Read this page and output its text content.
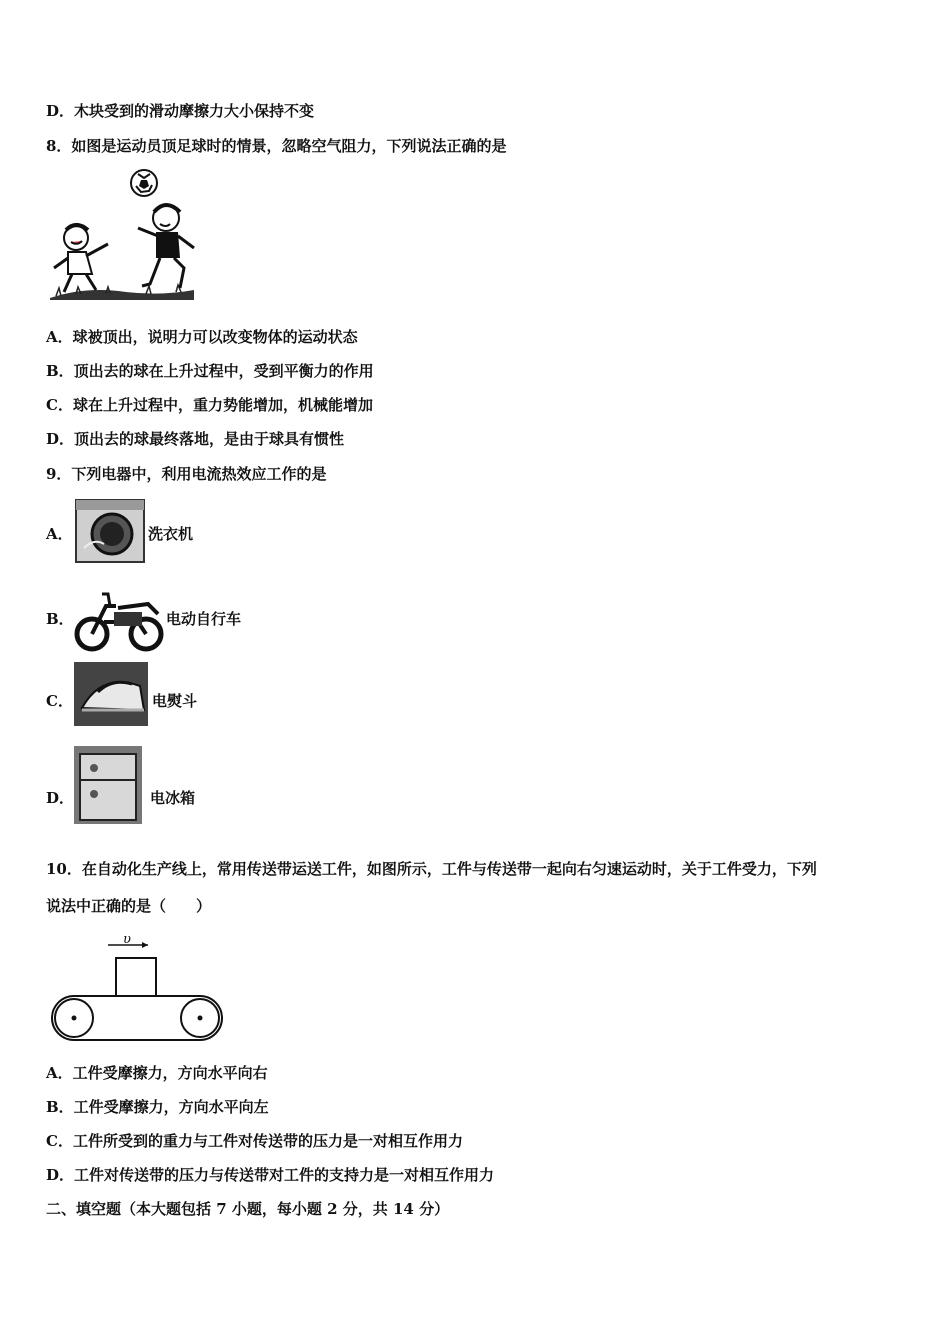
D．木块受到的滑动摩擦力大小保持不变
8．如图是运动员顶足球时的情景，忽略空气阻力，下列说法正确的是
A．球被顶出，说明力可以改变物体的运动状态
B．顶出去的球在上升过程中，受到平衡力的作用
C．球在上升过程中，重力势能增加，机械能增加
D．顶出去的球最终落地，是由于球具有惯性
9．下列电器中，利用电流热效应工作的是
A．	洗衣机
B．	电动自行车
C．	电熨斗
D．	电冰箱
10．在自动化生产线上，常用传送带运送工件，如图所示，工件与传送带一起向右匀速运动时，关于工件受力，下列
说法中正确的是（　　）
υ
A．工件受摩擦力，方向水平向右
B．工件受摩擦力，方向水平向左
C．工件所受到的重力与工件对传送带的压力是一对相互作用力
D．工件对传送带的压力与传送带对工件的支持力是一对相互作用力
二、填空题（本大题包括 7 小题，每小题 2 分，共 14 分）
